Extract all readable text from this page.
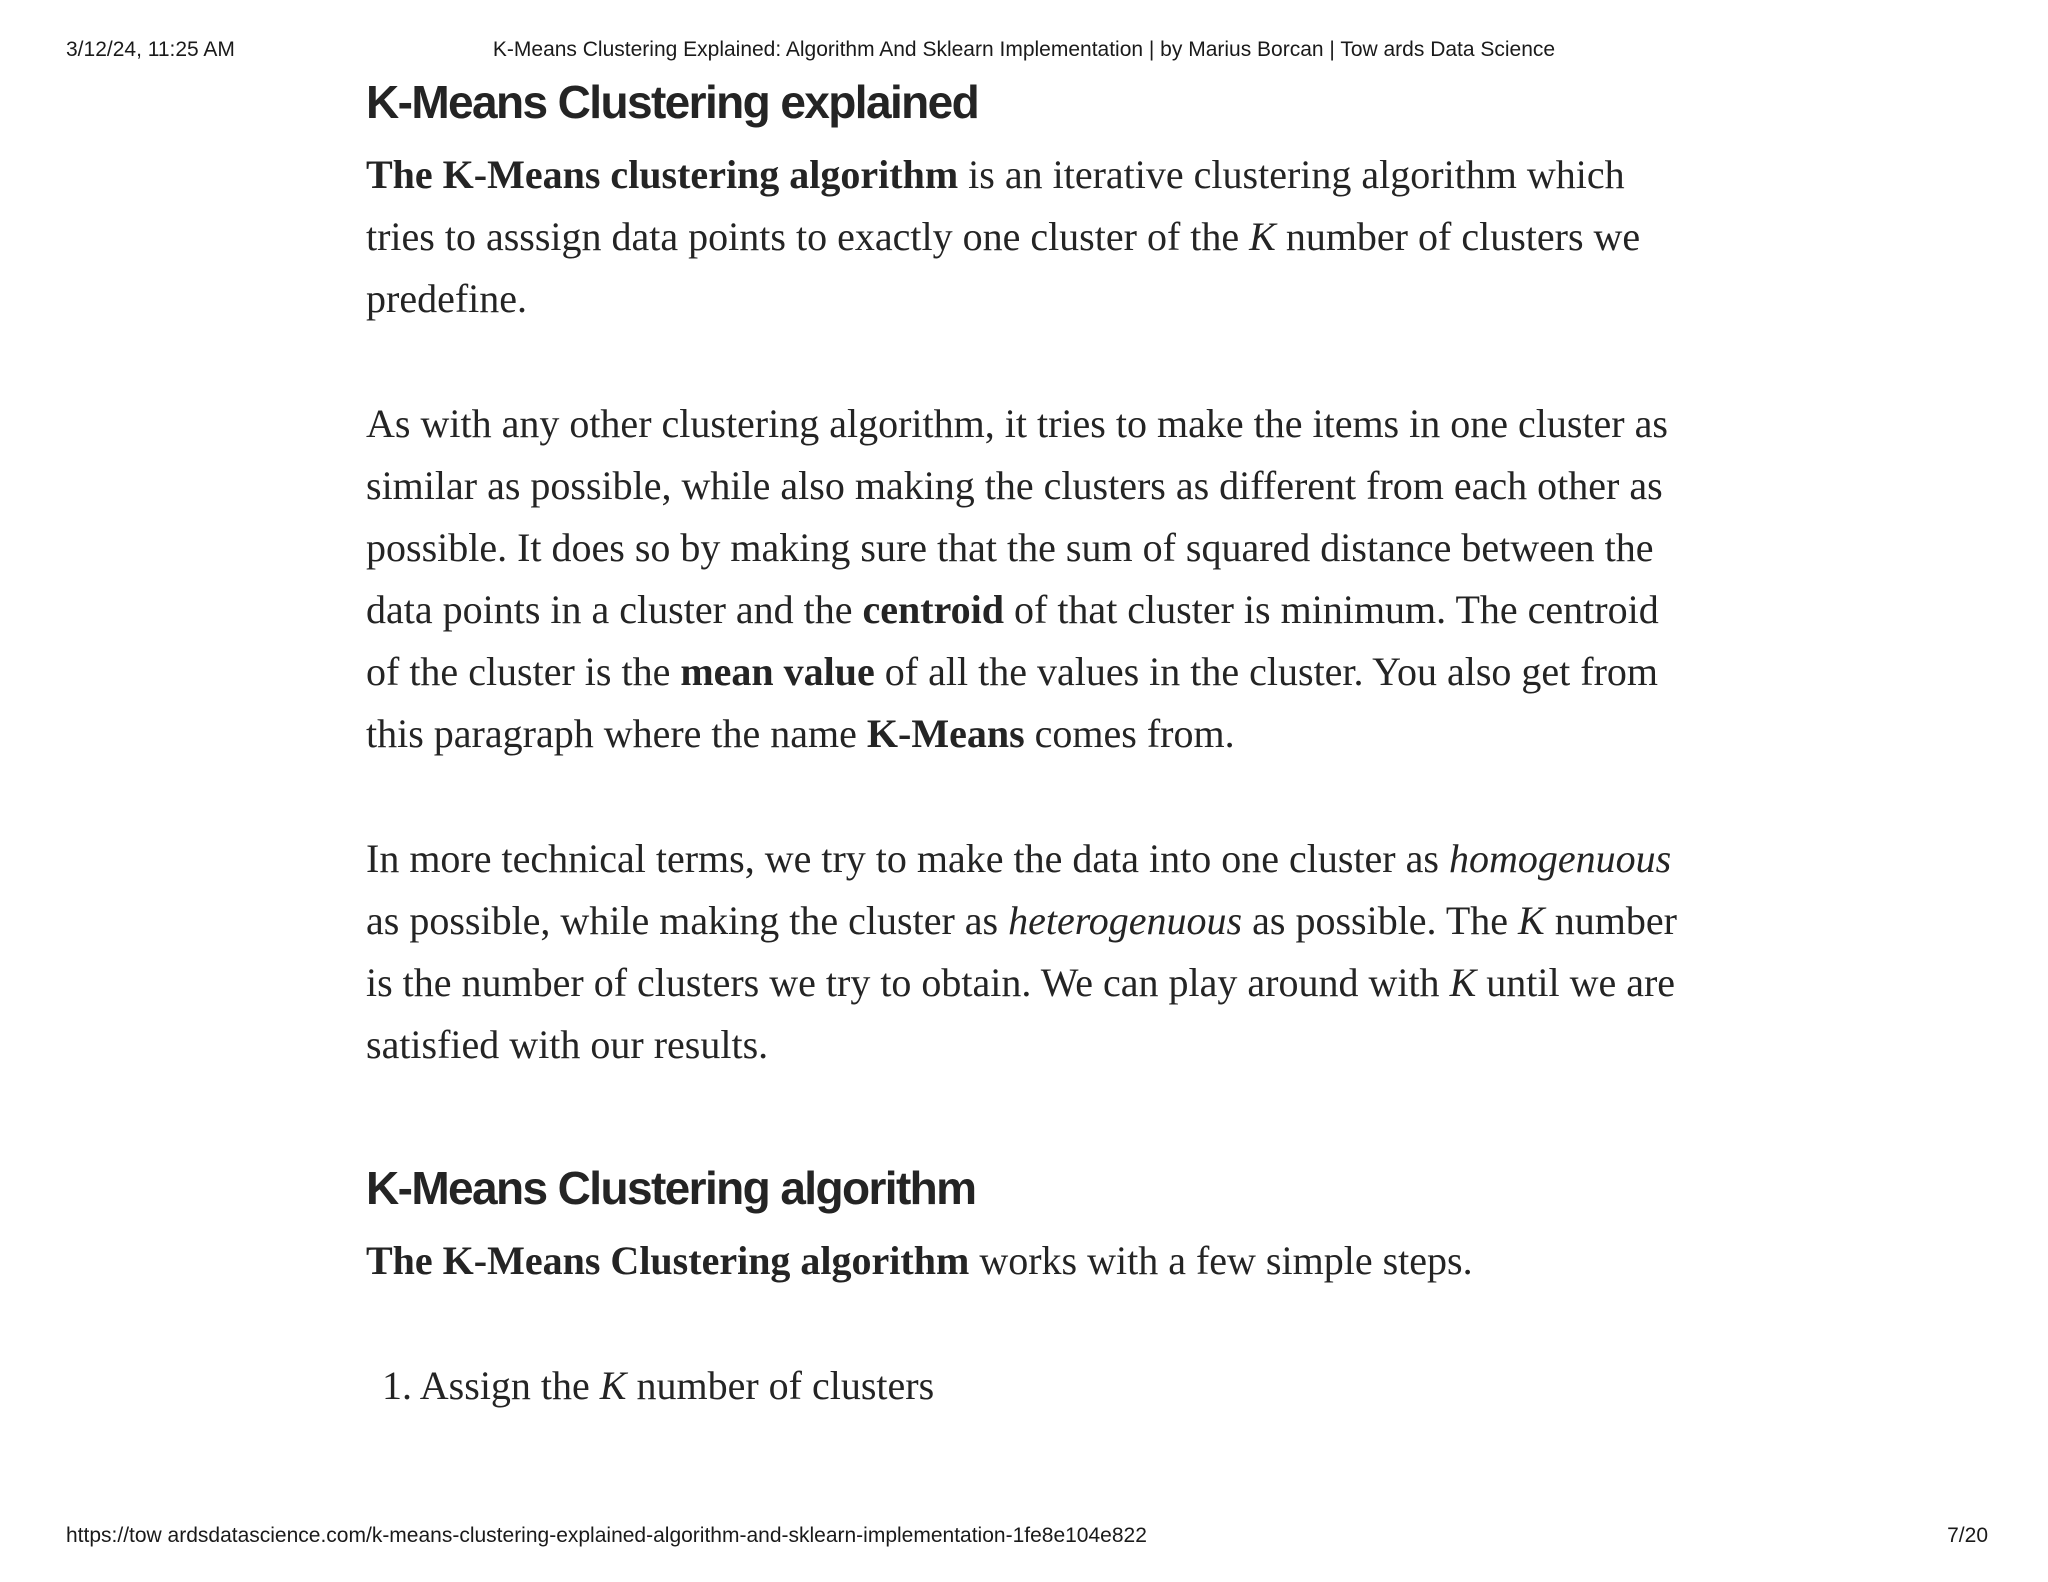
3/12/24, 11:25 AM	K-Means Clustering Explained: Algorithm And Sklearn Implementation | by Marius Borcan | Tow ards Data Science
K-Means Clustering explained

The K-Means clustering algorithm is an iterative clustering algorithm which tries to asssign data points to exactly one cluster of the K number of clusters we predefine.

As with any other clustering algorithm, it tries to make the items in one cluster as similar as possible, while also making the clusters as different from each other as possible. It does so by making sure that the sum of squared distance between the data points in a cluster and the centroid of that cluster is minimum. The centroid of the cluster is the mean value of all the values in the cluster. You also get from this paragraph where the name K-Means comes from.

In more technical terms, we try to make the data into one cluster as homogenuous as possible, while making the cluster as heterogenuous as possible. The K number is the number of clusters we try to obtain. We can play around with K until we are satisfied with our results.

K-Means Clustering algorithm

The K-Means Clustering algorithm works with a few simple steps.

1. Assign the K number of clusters
https://tow ardsdatascience.com/k-means-clustering-explained-algorithm-and-sklearn-implementation-1fe8e104e822	7/20
